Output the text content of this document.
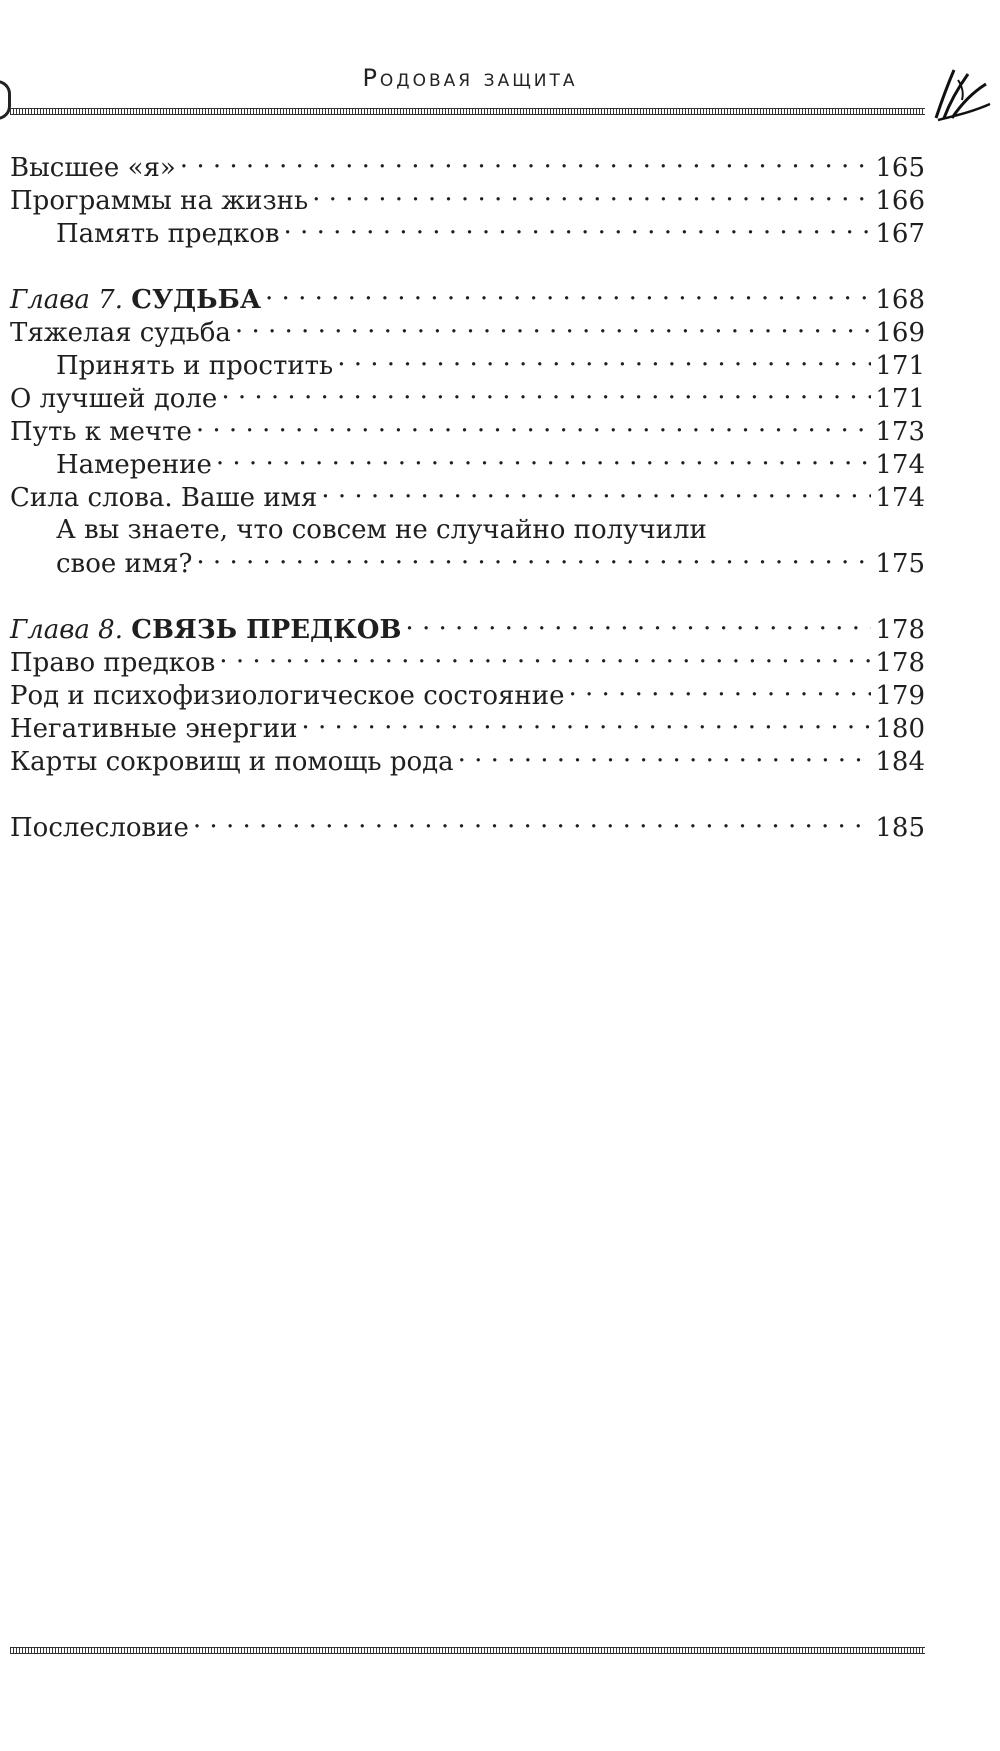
Родовая защита
Высшее «я» . . .	165
Программы на жизнь . . .	166
Память предков . . .	167
Глава 7. СУДЬБА . . .	168
Тяжелая судьба . . .	169
Принять и простить . . .	171
О лучшей доле . . .	171
Путь к мечте . . .	173
Намерение . . .	174
Сила слова. Ваше имя . . .	174
А вы знаете, что совсем не случайно получили
свое имя? . . .	175
Глава 8. СВЯЗЬ ПРЕДКОВ . . .	178
Право предков . . .	178
Род и психофизиологическое состояние . . .	179
Негативные энергии . . .	180
Карты сокровищ и помощь рода . . .	184
Послесловие . . .	185
